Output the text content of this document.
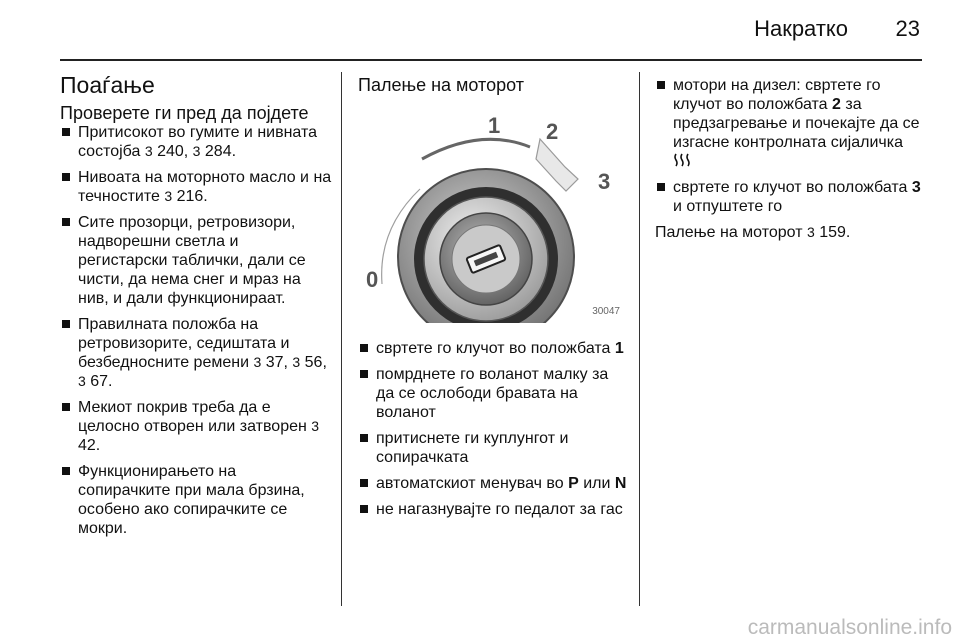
Накратко 23
Поаѓање
Проверете ги пред да појдете
Притисокот во гумите и нивната состојба 3 240, 3 284.
Нивоата на моторното масло и на течностите 3 216.
Сите прозорци, ретровизори, надворешни светла и регистарски таблички, дали се чисти, да нема снег и мраз на нив, и дали функционираат.
Правилната положба на ретровизорите, седиштата и безбедносните ремени 3 37, 3 56, 3 67.
Мекиот покрив треба да е целосно отворен или затворен 3 42.
Функционирањето на сопирачките при мала брзина, особено ако сопирачките се мокри.
Палење на моторот
0
1 2
3
30047
свртете го клучот во положбата 1
помрднете го воланот малку за да се ослободи бравата на воланот
притиснете ги куплунгот и сопирачката
автоматскиот менувач во P или N
не нагазнувајте го педалот за гас
мотори на дизел: свртете го клучот во положбата 2 за предзагревање и почекајте да се изгасне контролната сијаличка
свртете го клучот во положбата 3 и отпуштете го

Палење на моторот 3 159.

carmanualsonline.info
